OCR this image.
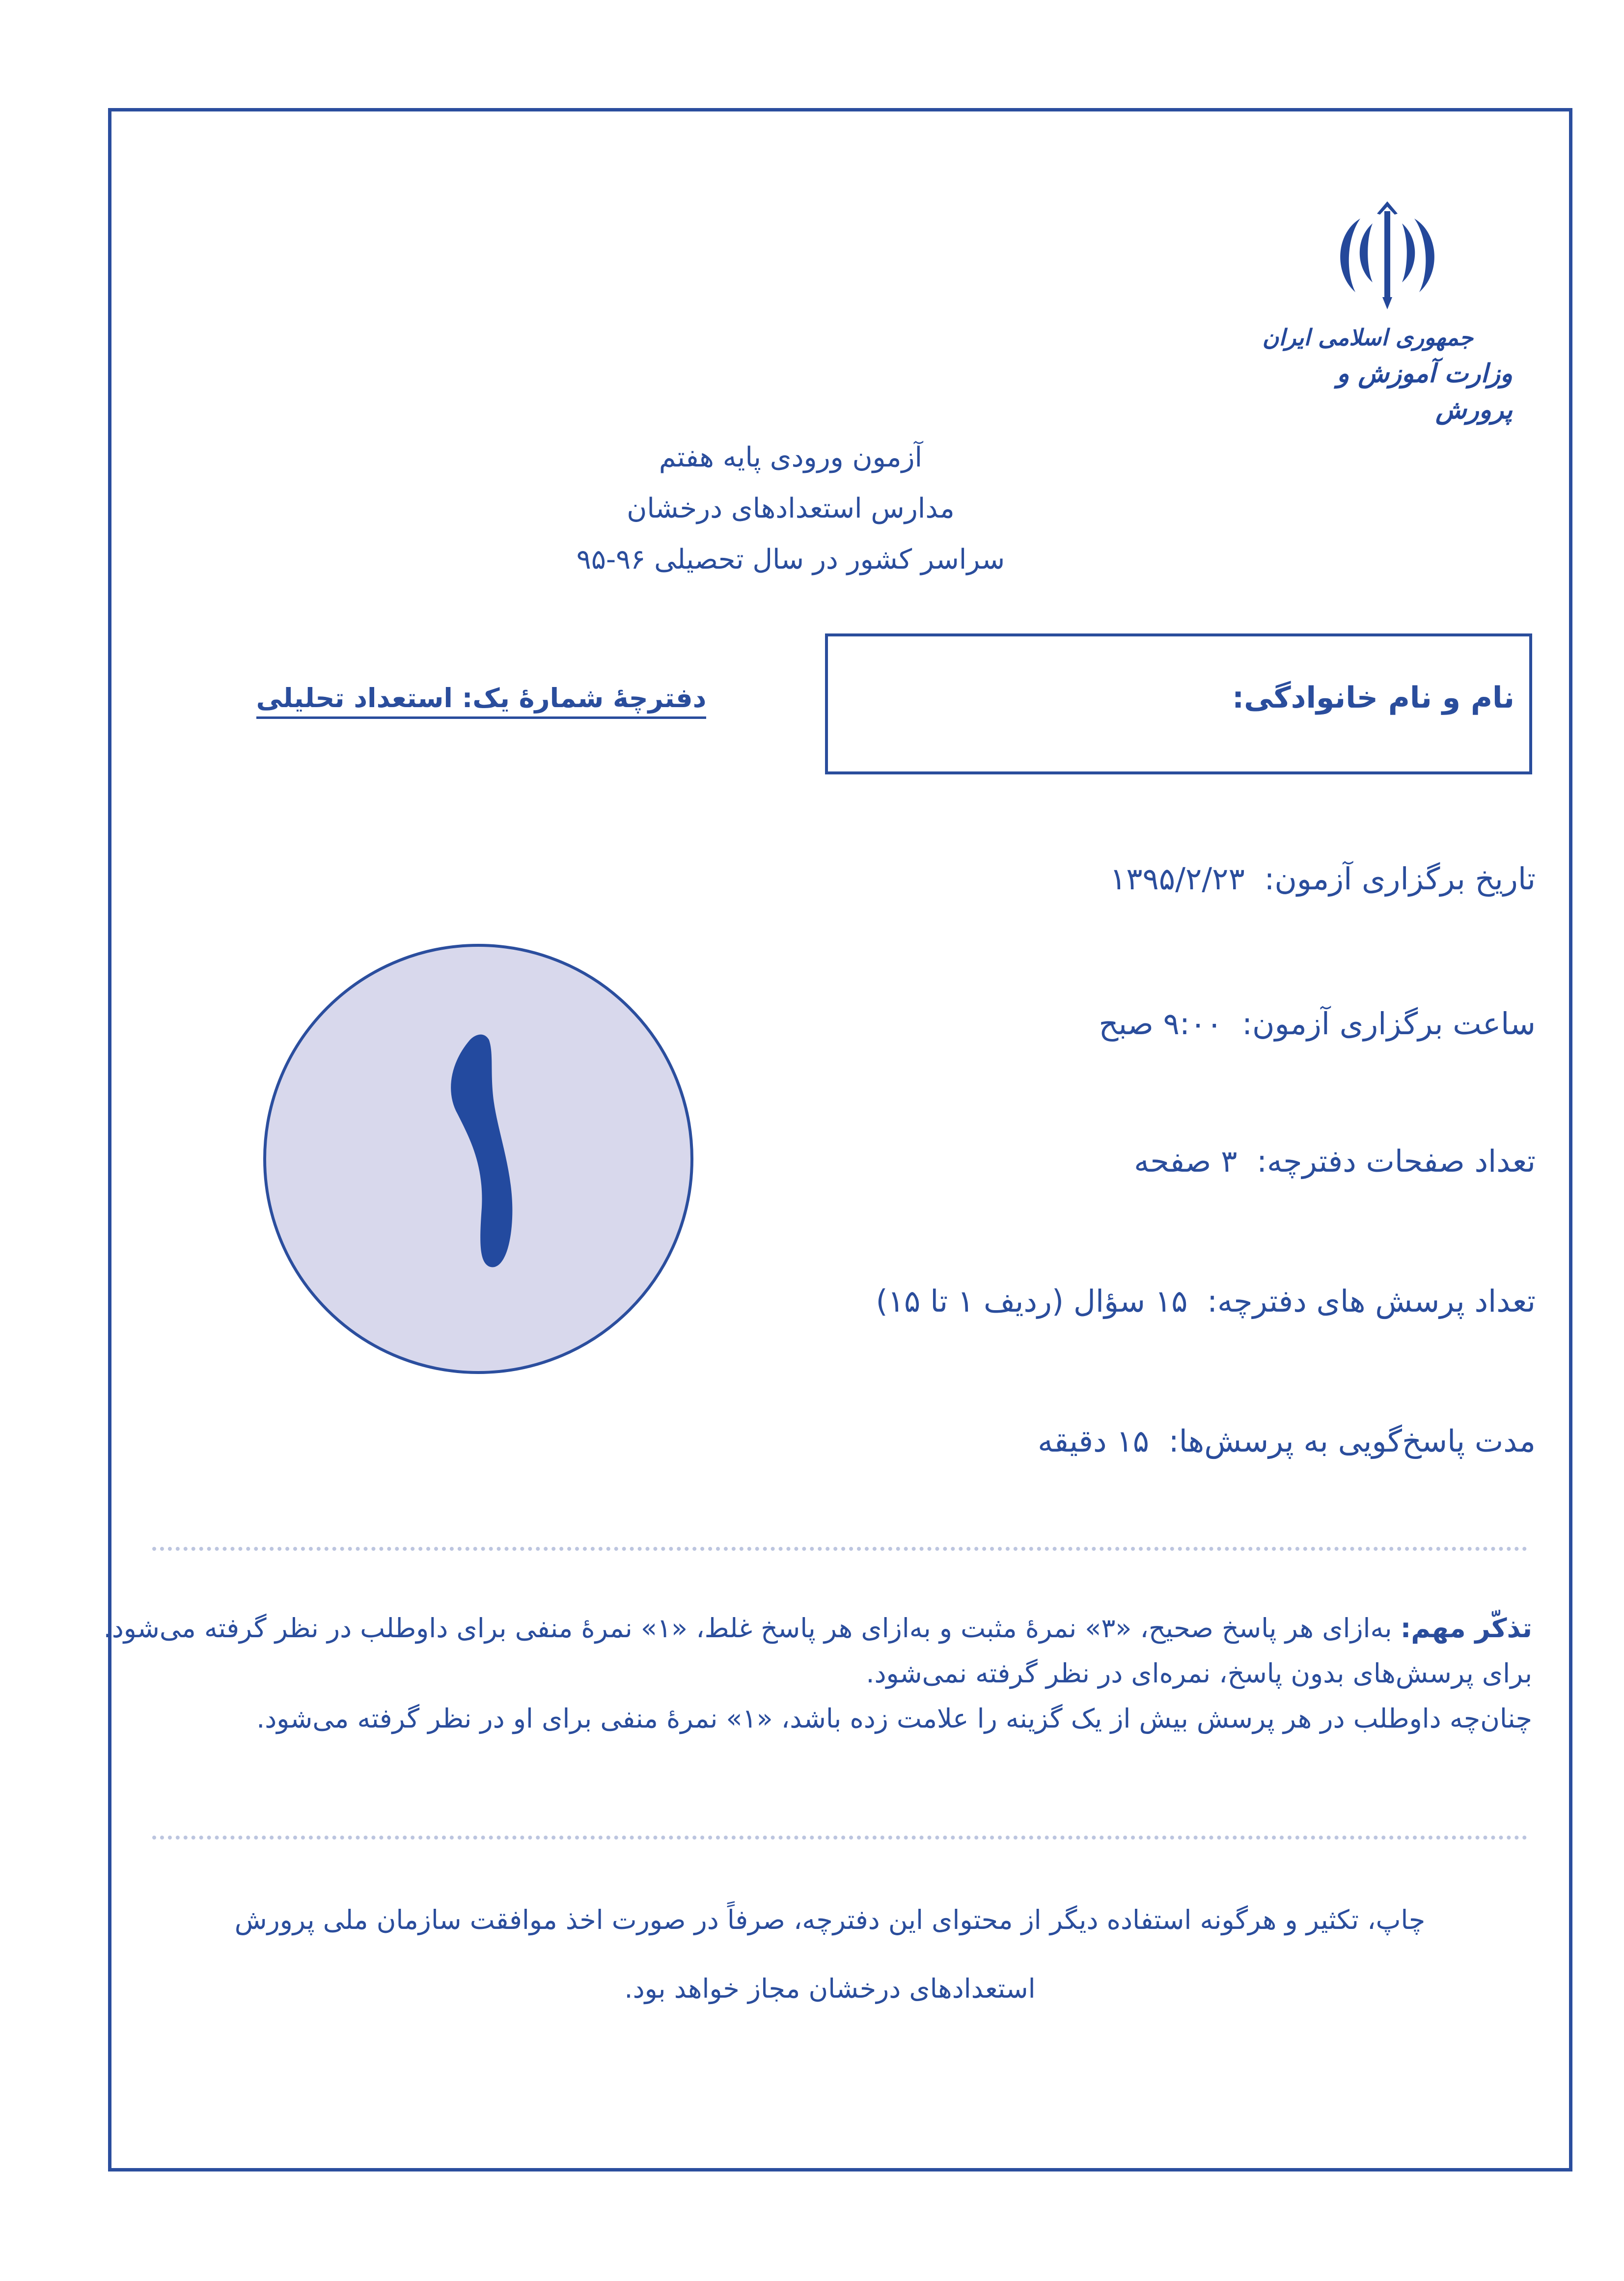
جمهوری اسلامی ایران
وزارت آموزش و پرورش
آزمون ورودی پایه هفتم
مدارس استعدادهای درخشان
سراسر کشور در سال تحصیلی ۹۶-۹۵
دفترچهٔ شمارهٔ یک: استعداد تحلیلی	نام و نام خانوادگی:
تاریخ برگزاری آزمون: ۱۳۹۵/۲/۲۳
ساعت برگزاری آزمون: ۹:۰۰ صبح
تعداد صفحات دفترچه: ۳ صفحه
تعداد پرسش های دفترچه: ۱۵ سؤال (ردیف ۱ تا ۱۵)
مدت پاسخ‌گویی به پرسش‌ها: ۱۵ دقیقه
تذکّر مهم: به‌ازای هر پاسخ صحیح، «۳» نمرهٔ مثبت و به‌ازای هر پاسخ غلط، «۱» نمرهٔ منفی برای داوطلب در نظر گرفته می‌شود.
برای پرسش‌های بدون پاسخ، نمره‌ای در نظر گرفته نمی‌شود.
چنان‌چه داوطلب در هر پرسش بیش از یک گزینه را علامت زده باشد، «۱» نمرهٔ منفی برای او در نظر گرفته می‌شود.
چاپ، تکثیر و هرگونه استفاده دیگر از محتوای این دفترچه، صرفاً در صورت اخذ موافقت سازمان ملی پرورش
استعدادهای درخشان مجاز خواهد بود.
